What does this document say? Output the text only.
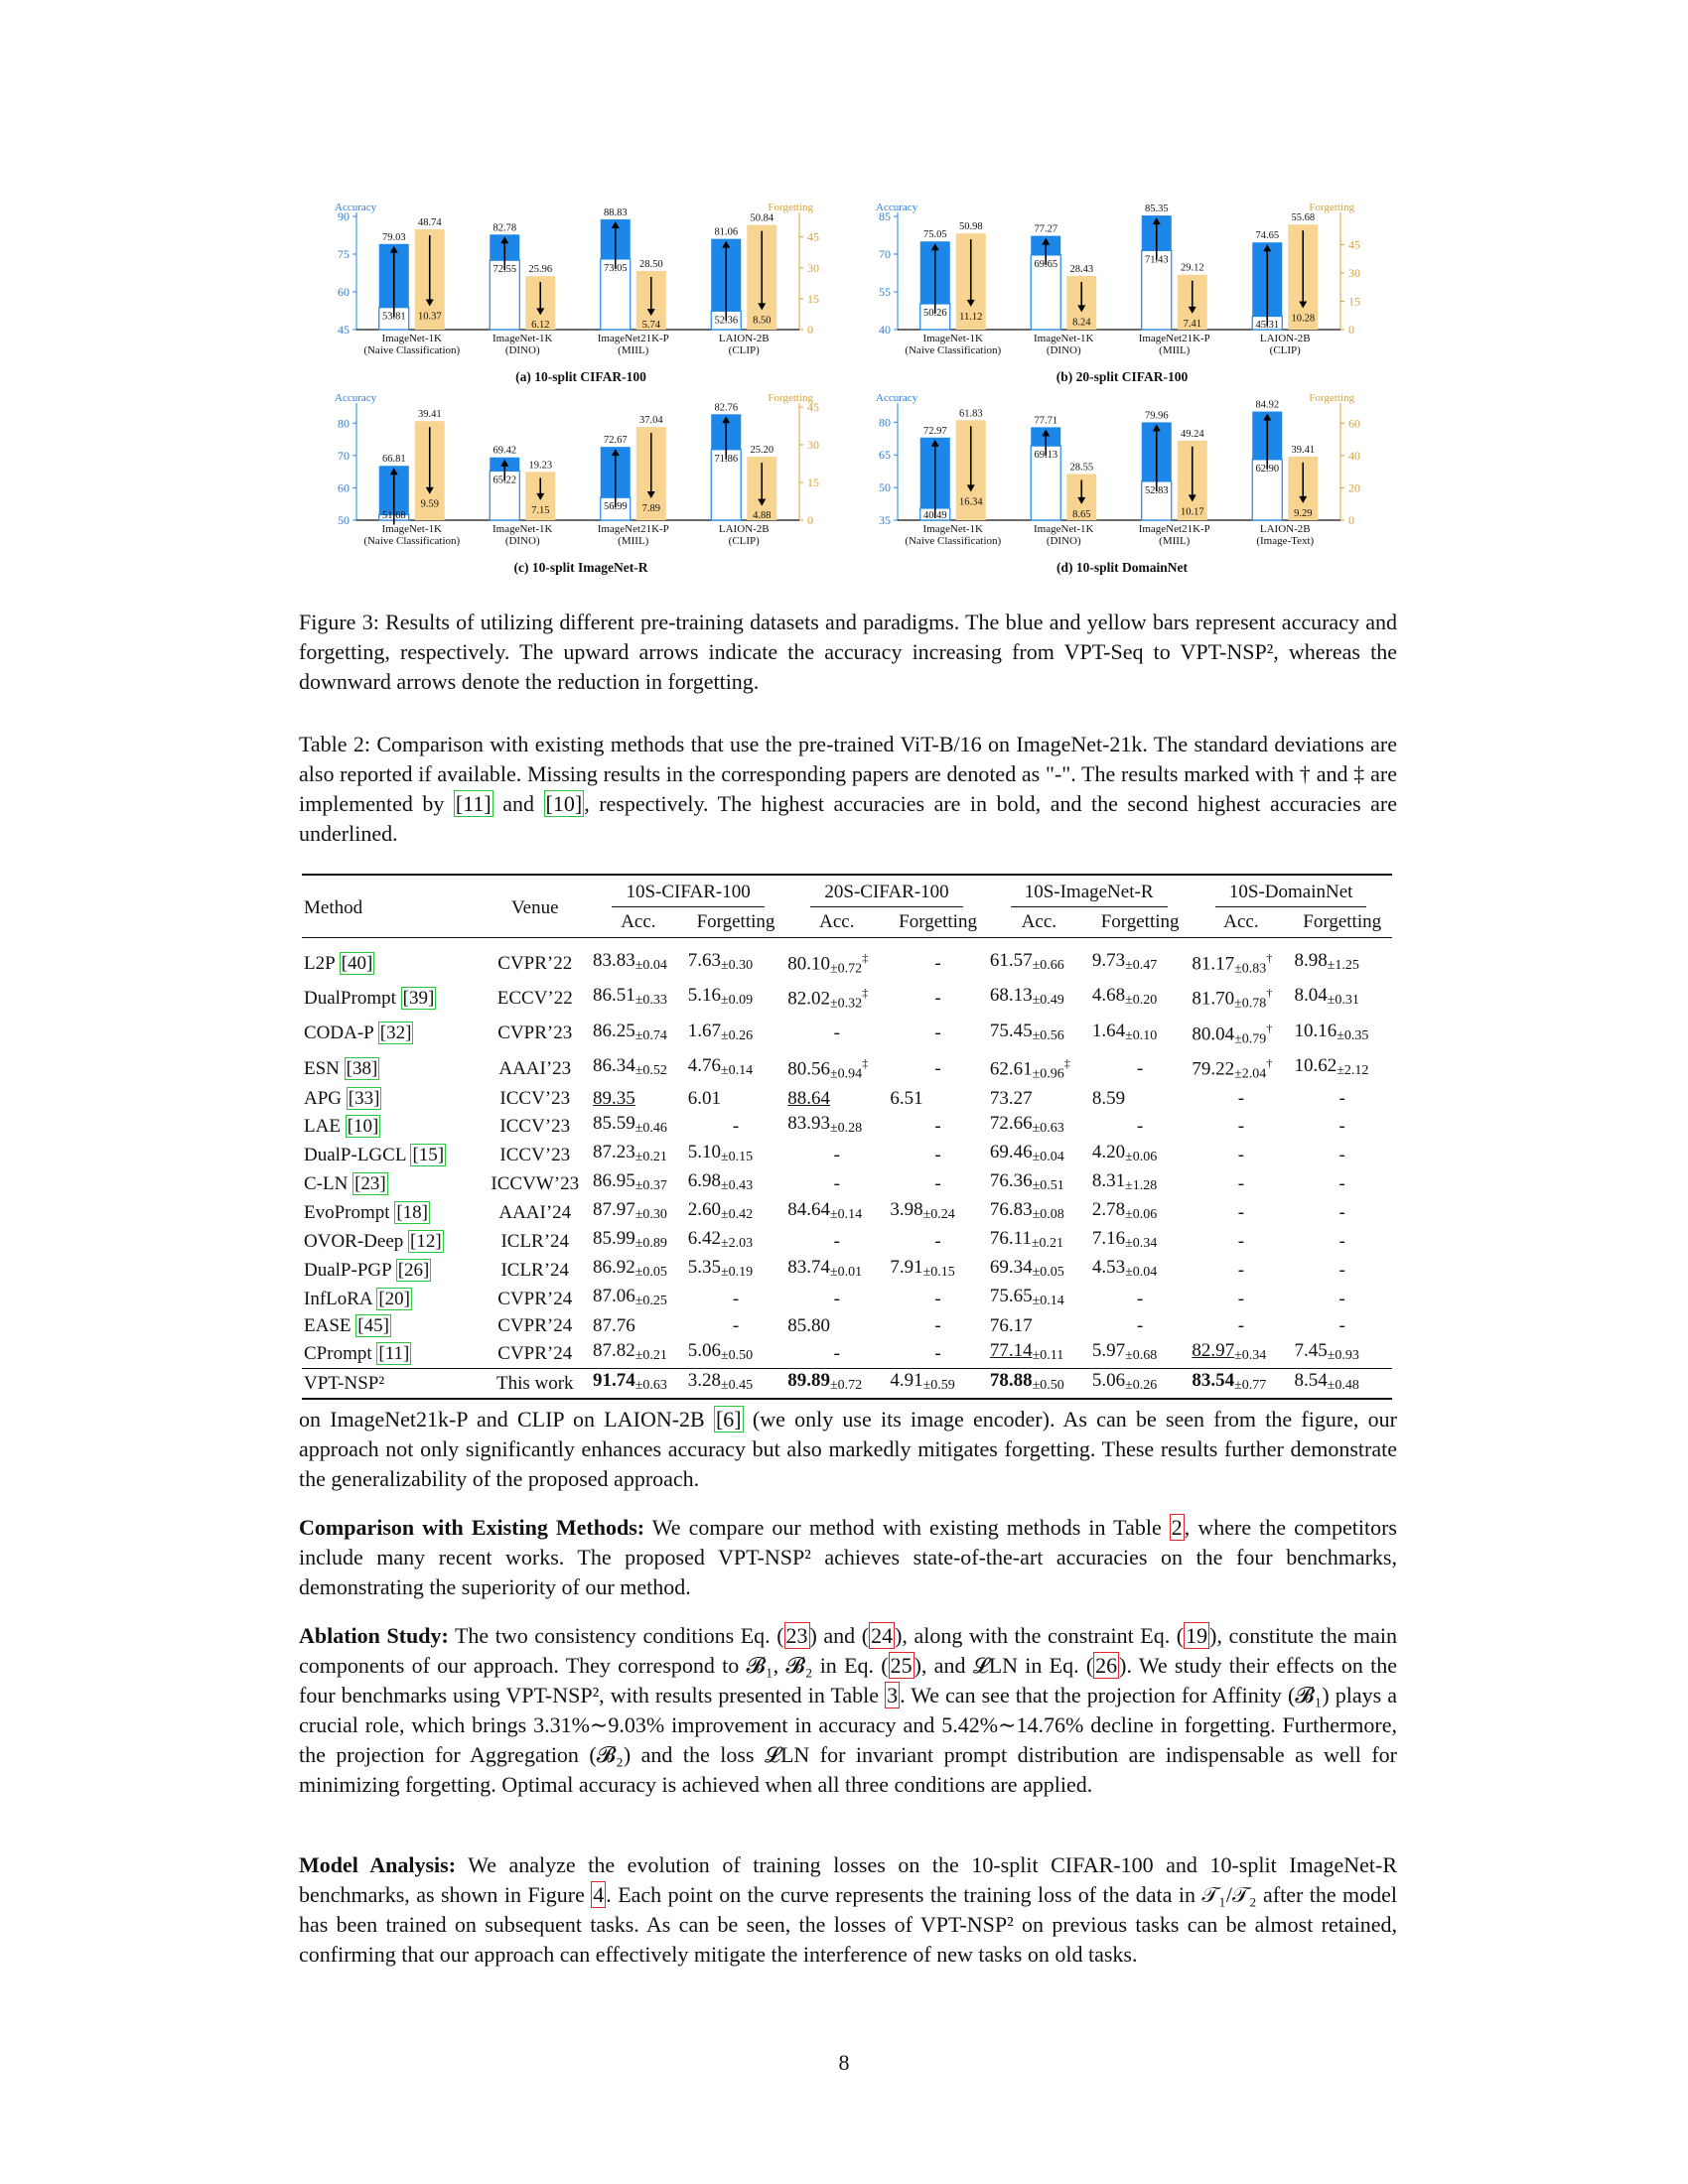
Accuracy	Forgetting
90
75
60
45
45
30
15
0
79.03
53.81
48.74
10.37
ImageNet-1K
(Naive Classification)
82.78
72.55 25.96
6.12
ImageNet-1K
(DINO)
88.83
73.05 28.50
5.74
ImageNet21K-P
(MIIL)
81.06
52.36
50.84
8.50
LAION-2B
(CLIP)
(a) 10-split CIFAR-100
Accuracy	Forgetting
85
70
55
40
45
30
15
0
75.05
50.26
50.98
11.12
ImageNet-1K
(Naive Classification)
77.27
69.65 28.43
8.24
ImageNet-1K
(DINO)
85.35
71.43
29.12
7.41
ImageNet21K-P
(MIIL)
74.65
45.31
55.68
10.28
LAION-2B
(CLIP)
(b) 20-split CIFAR-100
Accuracy	Forgetting
80
70
60
50
45
30
15
0
66.81
51.68
39.41
9.59
ImageNet-1K
(Naive Classification)
69.42
65.22
19.23
7.15
ImageNet-1K
(DINO)
72.67
56.99
37.04
7.89
ImageNet21K-P
(MIIL)
82.76
71.86
25.20
4.88
LAION-2B
(CLIP)
(c) 10-split ImageNet-R
Accuracy	Forgetting
80
65
50
35
60
40
20
0
72.97
40.49
61.83
16.34
ImageNet-1K
(Naive Classification)
77.71
69.13
28.55
8.65
ImageNet-1K
(DINO)
79.96
52.83
49.24
10.17
ImageNet21K-P
(MIIL)
84.92
62.90
39.41
9.29
LAION-2B
(Image-Text)
(d) 10-split DomainNet

Figure 3: Results of utilizing different pre-training datasets and paradigms. The blue and yellow bars represent accuracy and forgetting, respectively. The upward arrows indicate the accuracy increasing from VPT-Seq to VPT-NSP², whereas the downward arrows denote the reduction in forgetting.

Table 2: Comparison with existing methods that use the pre-trained ViT-B/16 on ImageNet-21k. The standard deviations are also reported if available. Missing results in the corresponding papers are denoted as "-". The results marked with † and ‡ are implemented by [11] and [10], respectively. The highest accuracies are in bold, and the second highest accuracies are underlined.

Method	Venue	10S-CIFAR-100		20S-CIFAR-100		10S-ImageNet-R		10S-DomainNet	
		Acc.	Forgetting	Acc.	Forgetting	Acc.	Forgetting	Acc.	Forgetting
L2P [40]	CVPR’22	$83.83_{\pm 0.04}$	$7.63_{\pm 0.30}$	$80.10_{\pm 0.72}^\ddagger$	-	$61.57_{\pm 0.66}$	$9.73_{\pm 0.47}$	$81.17_{\pm 0.83}^\dagger$	$8.98_{\pm 1.25}$
DualPrompt [39]	ECCV’22	$86.51_{\pm 0.33}$	$5.16_{\pm 0.09}$	$82.02_{\pm 0.32}^\ddagger$	-	$68.13_{\pm 0.49}$	$4.68_{\pm 0.20}$	$81.70_{\pm 0.78}^\dagger$	$8.04_{\pm 0.31}$
CODA-P [32]	CVPR’23	$86.25_{\pm 0.74}$	$1.67_{\pm 0.26}$	-	-	$75.45_{\pm 0.56}$	$1.64_{\pm 0.10}$	$80.04_{\pm 0.79}^\dagger$	$10.16_{\pm 0.35}$
ESN [38]	AAAI’23	$86.34_{\pm 0.52}$	$4.76_{\pm 0.14}$	$80.56_{\pm 0.94}^\ddagger$	-	$62.61_{\pm 0.96}^\ddagger$	-	$79.22_{\pm 2.04}^\dagger$	$10.62_{\pm 2.12}$
APG [33]	ICCV’23	89.35	6.01	88.64	6.51	73.27	8.59	-	-
LAE [10]	ICCV’23	$85.59_{\pm 0.46}$	-	$83.93_{\pm 0.28}$	-	$72.66_{\pm 0.63}$	-	-	-
DualP-LGCL [15]	ICCV’23	$87.23_{\pm 0.21}$	$5.10_{\pm 0.15}$	-	-	$69.46_{\pm 0.04}$	$4.20_{\pm 0.06}$	-	-
C-LN [23]	ICCVW’23	$86.95_{\pm 0.37}$	$6.98_{\pm 0.43}$	-	-	$76.36_{\pm 0.51}$	$8.31_{\pm 1.28}$	-	-
EvoPrompt [18]	AAAI’24	$87.97_{\pm 0.30}$	$2.60_{\pm 0.42}$	$84.64_{\pm 0.14}$	$3.98_{\pm 0.24}$	$76.83_{\pm 0.08}$	$2.78_{\pm 0.06}$	-	-
OVOR-Deep [12]	ICLR’24	$85.99_{\pm 0.89}$	$6.42_{\pm 2.03}$	-	-	$76.11_{\pm 0.21}$	$7.16_{\pm 0.34}$	-	-
DualP-PGP [26]	ICLR’24	$86.92_{\pm 0.05}$	$5.35_{\pm 0.19}$	$83.74_{\pm 0.01}$	$7.91_{\pm 0.15}$	$69.34_{\pm 0.05}$	$4.53_{\pm 0.04}$	-	-
InfLoRA [20]	CVPR’24	$87.06_{\pm 0.25}$	-	-	-	$75.65_{\pm 0.14}$	-	-	-
EASE [45]	CVPR’24	87.76	-	85.80	-	76.17	-	-	-
CPrompt [11]	CVPR’24	$87.82_{\pm 0.21}$	$5.06_{\pm 0.50}$	-	-	$77.14_{\pm 0.11}$	$5.97_{\pm 0.68}$	$82.97_{\pm 0.34}$	$7.45_{\pm 0.93}$
VPT-NSP²	This work	$91.74_{\pm 0.63}$	$3.28_{\pm 0.45}$	$89.89_{\pm 0.72}$	$4.91_{\pm 0.59}$	$78.88_{\pm 0.50}$	$5.06_{\pm 0.26}$	$83.54_{\pm 0.77}$	$8.54_{\pm 0.48}$

on ImageNet21k-P and CLIP on LAION-2B [6] (we only use its image encoder). As can be seen from the figure, our approach not only significantly enhances accuracy but also markedly mitigates forgetting. These results further demonstrate the generalizability of the proposed approach.

Comparison with Existing Methods: We compare our method with existing methods in Table 2, where the competitors include many recent works. The proposed VPT-NSP² achieves state-of-the-art accuracies on the four benchmarks, demonstrating the superiority of our method.

Ablation Study: The two consistency conditions Eq. (23) and (24), along with the constraint Eq. (19), constitute the main components of our approach. They correspond to 𝓑₁, 𝓑₂ in Eq. (25), and 𝓛LN in Eq. (26). We study their effects on the four benchmarks using VPT-NSP², with results presented in Table 3. We can see that the projection for Affinity (𝓑₁) plays a crucial role, which brings 3.31%∼9.03% improvement in accuracy and 5.42%∼14.76% decline in forgetting. Furthermore, the projection for Aggregation (𝓑₂) and the loss 𝓛LN for invariant prompt distribution are indispensable as well for minimizing forgetting. Optimal accuracy is achieved when all three conditions are applied.

Model Analysis: We analyze the evolution of training losses on the 10-split CIFAR-100 and 10-split ImageNet-R benchmarks, as shown in Figure 4. Each point on the curve represents the training loss of the data in 𝒯₁/𝒯₂ after the model has been trained on subsequent tasks. As can be seen, the losses of VPT-NSP² on previous tasks can be almost retained, confirming that our approach can effectively mitigate the interference of new tasks on old tasks.

8
